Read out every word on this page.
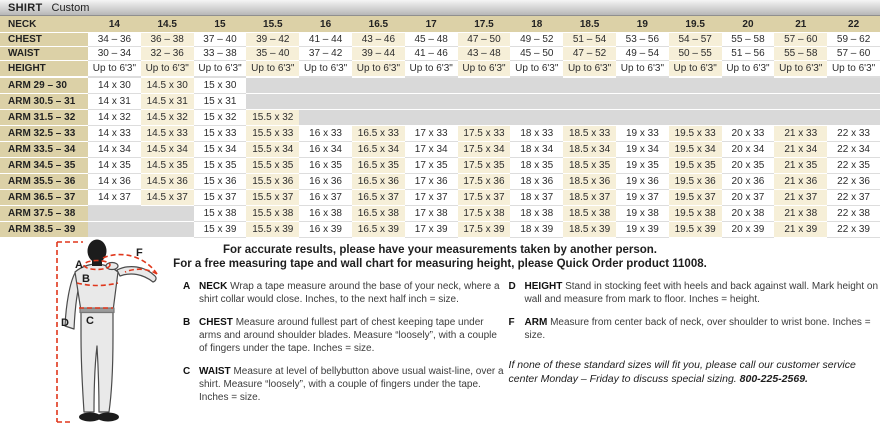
SHIRT Custom
NECK	14	14.5	15	15.5	16	16.5	17	17.5	18	18.5	19	19.5	20	21	22
CHEST	34 – 36	36 – 38	37 – 40	39 – 42	41 – 44	43 – 46	45 – 48	47 – 50	49 – 52	51 – 54	53 – 56	54 – 57	55 – 58	57 – 60	59 – 62
WAIST	30 – 34	32 – 36	33 – 38	35 – 40	37 – 42	39 – 44	41 – 46	43 – 48	45 – 50	47 – 52	49 – 54	50 – 55	51 – 56	55 – 58	57 – 60
HEIGHT	Up to 6'3"	Up to 6'3"	Up to 6'3"	Up to 6'3"	Up to 6'3"	Up to 6'3"	Up to 6'3"	Up to 6'3"	Up to 6'3"	Up to 6'3"	Up to 6'3"	Up to 6'3"	Up to 6'3"	Up to 6'3"	Up to 6'3"
ARM 29 – 30	14 x 30	14.5 x 30	15 x 30												
ARM 30.5 – 31	14 x 31	14.5 x 31	15 x 31												
ARM 31.5 – 32	14 x 32	14.5 x 32	15 x 32	15.5 x 32											
ARM 32.5 – 33	14 x 33	14.5 x 33	15 x 33	15.5 x 33	16 x 33	16.5 x 33	17 x 33	17.5 x 33	18 x 33	18.5 x 33	19 x 33	19.5 x 33	20 x 33	21 x 33	22 x 33
ARM 33.5 – 34	14 x 34	14.5 x 34	15 x 34	15.5 x 34	16 x 34	16.5 x 34	17 x 34	17.5 x 34	18 x 34	18.5 x 34	19 x 34	19.5 x 34	20 x 34	21 x 34	22 x 34
ARM 34.5 – 35	14 x 35	14.5 x 35	15 x 35	15.5 x 35	16 x 35	16.5 x 35	17 x 35	17.5 x 35	18 x 35	18.5 x 35	19 x 35	19.5 x 35	20 x 35	21 x 35	22 x 35
ARM 35.5 – 36	14 x 36	14.5 x 36	15 x 36	15.5 x 36	16 x 36	16.5 x 36	17 x 36	17.5 x 36	18 x 36	18.5 x 36	19 x 36	19.5 x 36	20 x 36	21 x 36	22 x 36
ARM 36.5 – 37	14 x 37	14.5 x 37	15 x 37	15.5 x 37	16 x 37	16.5 x 37	17 x 37	17.5 x 37	18 x 37	18.5 x 37	19 x 37	19.5 x 37	20 x 37	21 x 37	22 x 37
ARM 37.5 – 38			15 x 38	15.5 x 38	16 x 38	16.5 x 38	17 x 38	17.5 x 38	18 x 38	18.5 x 38	19 x 38	19.5 x 38	20 x 38	21 x 38	22 x 38
ARM 38.5 – 39			15 x 39	15.5 x 39	16 x 39	16.5 x 39	17 x 39	17.5 x 39	18 x 39	18.5 x 39	19 x 39	19.5 x 39	20 x 39	21 x 39	22 x 39
A
B
C
D
F	For accurate results, please have your measurements taken by another person.
For a free measuring tape and wall chart for measuring height, please Quick Order product 11008.
A NECK Wrap a tape measure around the base of your neck, where a shirt collar would close. Inches, to the next half inch = size.
B CHEST Measure around fullest part of chest keeping tape under arms and around shoulder blades. Measure “loosely”, with a couple of fingers under the tape. Inches = size.
C WAIST Measure at level of bellybutton above usual waist-line, over a shirt. Measure “loosely”, with a couple of fingers under the tape. Inches = size.
D HEIGHT Stand in stocking feet with heels and back against wall. Mark height on wall and measure from mark to floor. Inches = height.
F ARM Measure from center back of neck, over shoulder to wrist bone. Inches = size.
If none of these standard sizes will fit you, please call our customer service center Monday – Friday to discuss special sizing. 800-225-2569.
